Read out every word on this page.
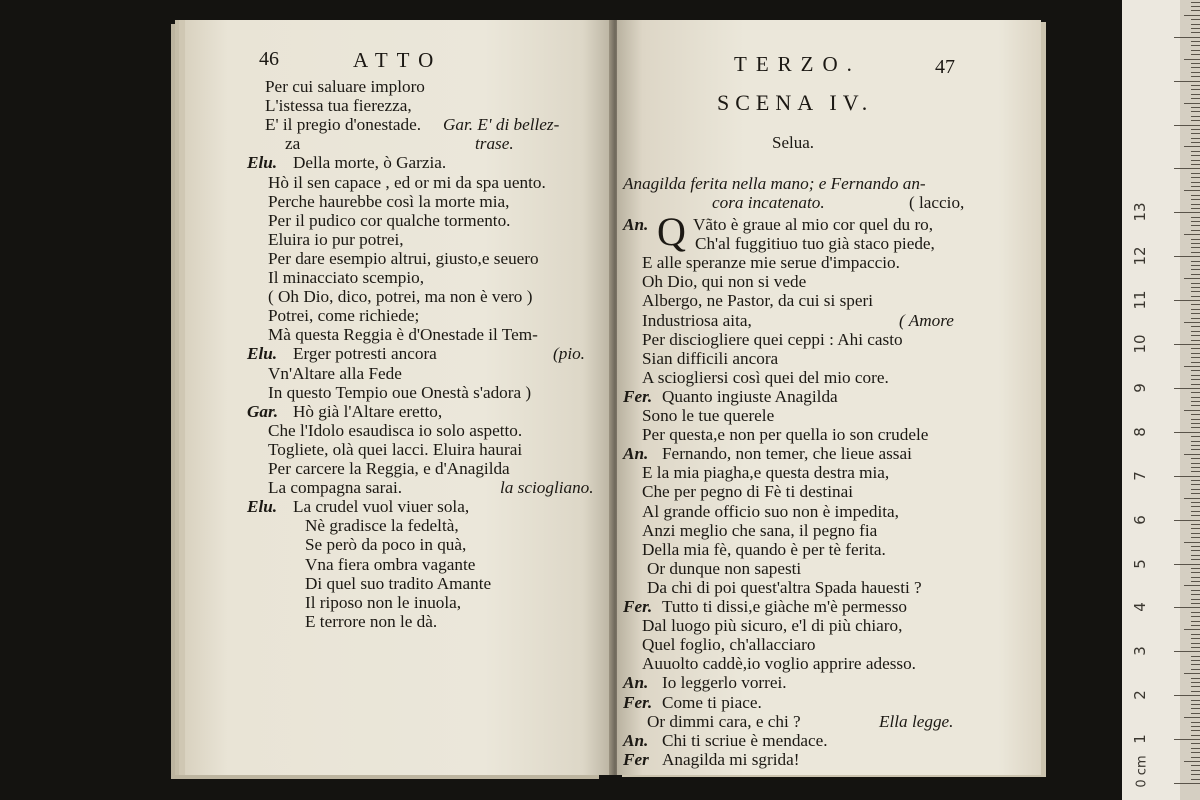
46	ATTO
Per cui saluare imploro
L'istessa tua fierezza,
E' il pregio d'onestade. Gar. E' di bellez-
za	trase.
Della morte, ò Garzia.
Elu.
Hò il sen capace , ed or mi da spa uento.
Perche haurebbe così la morte mia,
Per il pudico cor qualche tormento.
Eluira io pur potrei,
Per dare esempio altrui, giusto,e seuero
Il minacciato scempio,
( Oh Dio, dico, potrei, ma non è vero )
Potrei, come richiede;
Mà questa Reggia è d'Onestade il Tem-
Erger potresti ancora
Elu.	(pio.
Vn'Altare alla Fede
In questo Tempio oue Onestà s'adora )
Hò già l'Altare eretto,
Gar.
Che l'Idolo esaudisca io solo aspetto.
Togliete, olà quei lacci. Eluira haurai
Per carcere la Reggia, e d'Anagilda
La compagna sarai.	la sciogliano.
La crudel vuol viuer sola,
Elu.
Nè gradisce la fedeltà,
Se però da poco in quà,
Vna fiera ombra vagante
Di quel suo tradito Amante
Il riposo non le inuola,
E terrore non le dà.
TERZO.	47
SCENA IV.
Selua.
Anagilda ferita nella mano; e Fernando an-
cora incatenato.	( laccio,
Q Vãto è graue al mio cor quel du ro,
An.
Ch'al fuggitiuo tuo già staco piede,
E alle speranze mie serue d'impaccio.
Oh Dio, qui non si vede
Albergo, ne Pastor, da cui si speri
Industriosa aita,	( Amore
Per disciogliere quei ceppi : Ahi casto
Sian difficili ancora
A sciogliersi così quei del mio core.
Quanto ingiuste Anagilda
Fer.
Sono le tue querele
Per questa,e non per quella io son crudele
Fernando, non temer, che lieue assai
An.
E la mia piagha,e questa destra mia,
Che per pegno di Fè ti destinai
Al grande officio suo non è impedita,
Anzi meglio che sana, il pegno fia
Della mia fè, quando è per tè ferita.
Or dunque non sapesti
Da chi di poi quest'altra Spada hauesti ?
Tutto ti dissi,e giàche m'è permesso
Fer.
Dal luogo più sicuro, e'l di più chiaro,
Quel foglio, ch'allacciaro
Auuolto caddè,io voglio apprire adesso.
Io leggerlo vorrei.
An.
Come ti piace.
Fer.
Or dimmi cara, e chi ?	Ella legge.
Chi ti scriue è mendace.
An.
Anagilda mi sgrida!
Fer
1
2
3
4
5
6
7
8
9
10
11
12
13
0 cm
